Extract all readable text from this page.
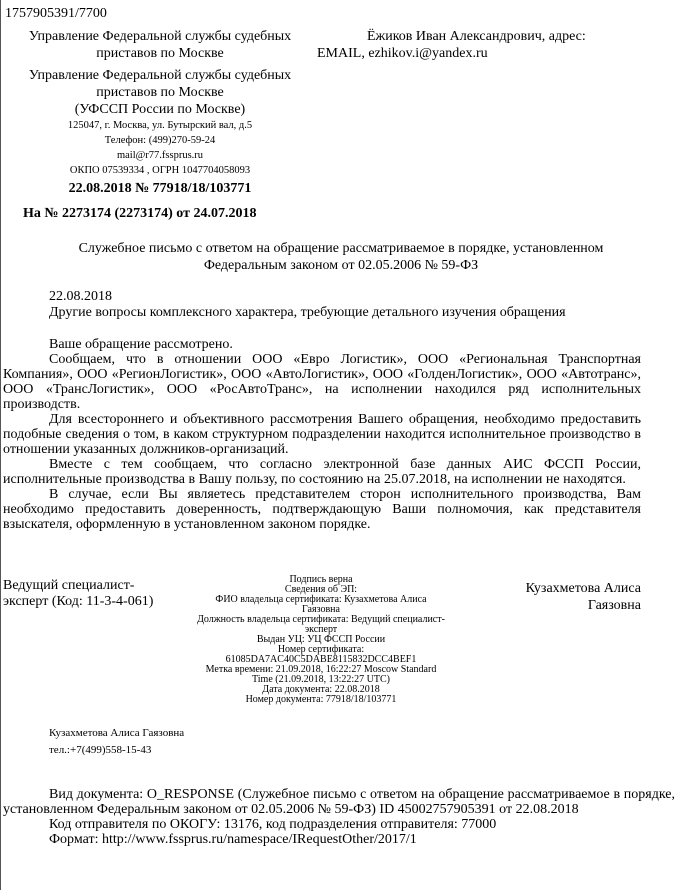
1757905391/7700
Управление Федеральной службы судебных
приставов по Москве
Ёжиков Иван Александрович, адрес:
EMAIL, ezhikov.i@yandex.ru
Управление Федеральной службы судебных
приставов по Москве
(УФССП России по Москве)
125047, г. Москва, ул. Бутырский вал, д.5
Телефон: (499)270-59-24
mail@r77.fssprus.ru
ОКПО 07539334 , ОГРН 1047704058093
22.08.2018 № 77918/18/103771
На № 2273174 (2273174) от 24.07.2018
Служебное письмо с ответом на обращение рассматриваемое в порядке, установленном
Федеральным законом от 02.05.2006 № 59-ФЗ
22.08.2018
Другие вопросы комплексного характера, требующие детального изучения обращения

Ваше обращение рассмотрено.

Сообщаем, что в отношении ООО «Евро Логистик», ООО «Региональная Транспортная Компания», ООО «РегионЛогистик», ООО «АвтоЛогистик», ООО «ГолденЛогистик», ООО «Автотранс», ООО «ТрансЛогистик», ООО «РосАвтоТранс», на исполнении находился ряд исполнительных производств.

Для всестороннего и объективного рассмотрения Вашего обращения, необходимо предоставить подобные сведения о том, в каком структурном подразделении находится исполнительное производство в отношении указанных должников-организаций.

Вместе с тем сообщаем, что согласно электронной базе данных АИС ФССП России, исполнительные производства в Вашу пользу, по состоянию на 25.07.2018, на исполнении не находятся.

В случае, если Вы являетесь представителем сторон исполнительного производства, Вам необходимо предоставить доверенность, подтверждающую Ваши полномочия, как представителя взыскателя, оформленную в установленном законом порядке.

Ведущий специалист-
эксперт (Код: 11-3-4-061)
Подпись верна
Сведения об ЭП:
ФИО владельца сертификата: Кузахметова Алиса
Гаязовна
Должность владельца сертификата: Ведущий специалист-
эксперт
Выдан УЦ: УЦ ФССП России
Номер сертификата:
61085DA7AC40C5DABE8115832DCC4BEF1
Метка времени: 21.09.2018, 16:22:27 Moscow Standard
Time (21.09.2018, 13:22:27 UTC)
Дата документа: 22.08.2018
Номер документа: 77918/18/103771
Кузахметова Алиса
Гаязовна
Кузахметова Алиса Гаязовна
тел.:+7(499)558-15-43

Вид документа: O_RESPONSE (Служебное письмо с ответом на обращение рассматриваемое в порядке, установленном Федеральным законом от 02.05.2006 № 59-ФЗ) ID 45002757905391 от 22.08.2018

Код отправителя по ОКОГУ: 13176, код подразделения отправителя: 77000

Формат: http://www.fssprus.ru/namespace/IRequestOther/2017/1
